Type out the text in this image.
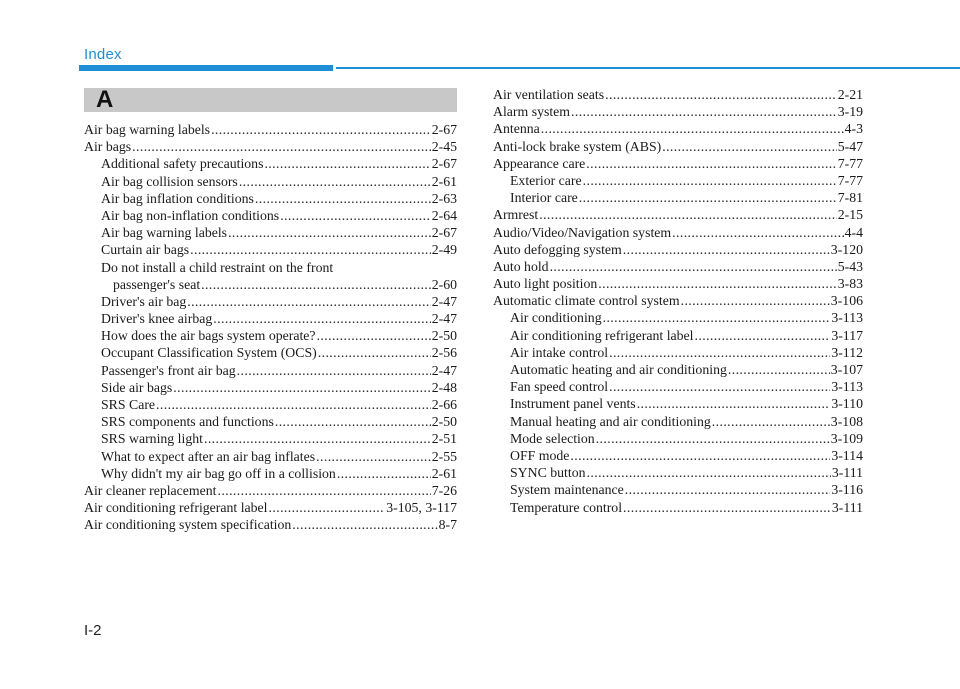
Index
A
Air bag warning labels .....	2-67
Air bags .....	2-45
Additional safety precautions .....	2-67
Air bag collision sensors .....	2-61
Air bag inflation conditions .....	2-63
Air bag non-inflation conditions .....	2-64
Air bag warning labels .....	2-67
Curtain air bags .....	2-49
Do not install a child restraint on the front
passenger's seat .....	2-60
Driver's air bag .....	2-47
Driver's knee airbag .....	2-47
How does the air bags system operate? .....	2-50
Occupant Classification System (OCS) .....	2-56
Passenger's front air bag .....	2-47
Side air bags .....	2-48
SRS Care .....	2-66
SRS components and functions .....	2-50
SRS warning light .....	2-51
What to expect after an air bag inflates .....	2-55
Why didn't my air bag go off in a collision .....	2-61
Air cleaner replacement .....	7-26
Air conditioning refrigerant label .....	3-105, 3-117
Air conditioning system specification .....	8-7
Air ventilation seats .....	2-21
Alarm system .....	3-19
Antenna .....	4-3
Anti-lock brake system (ABS) .....	5-47
Appearance care .....	7-77
Exterior care .....	7-77
Interior care .....	7-81
Armrest .....	2-15
Audio/Video/Navigation system .....	4-4
Auto defogging system .....	3-120
Auto hold .....	5-43
Auto light position .....	3-83
Automatic climate control system .....	3-106
Air conditioning .....	3-113
Air conditioning refrigerant label .....	3-117
Air intake control .....	3-112
Automatic heating and air conditioning .....	3-107
Fan speed control .....	3-113
Instrument panel vents .....	3-110
Manual heating and air conditioning .....	3-108
Mode selection .....	3-109
OFF mode .....	3-114
SYNC button .....	3-111
System maintenance .....	3-116
Temperature control .....	3-111
I-2
